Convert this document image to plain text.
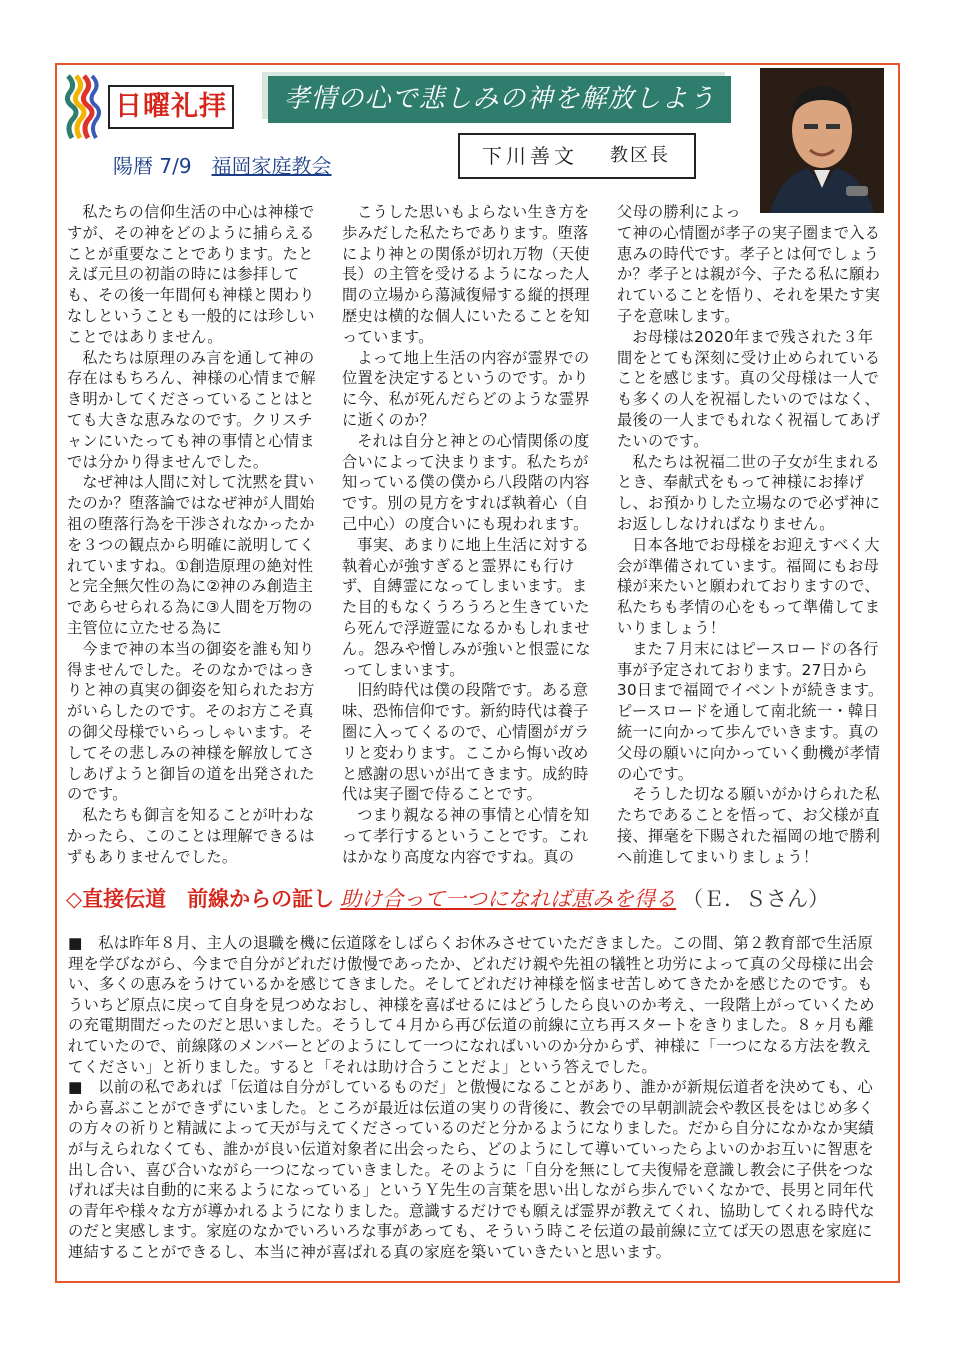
日曜礼拝	孝情の心で悲しみの神を解放しよう
陽暦 7/9　 福岡家庭教会	下川善文 教区長

私たちの信仰生活の中心は神様ですが、その神をどのように捕らえることが重要なことであります。たとえば元旦の初詣の時には参拝しても、その後一年間何も神様と関わりなしということも一般的には珍しいことではありません。

私たちは原理のみ言を通して神の存在はもちろん、神様の心情まで解き明かしてくださっていることはとても大きな恵みなのです。クリスチャンにいたっても神の事情と心情までは分かり得ませんでした。

なぜ神は人間に対して沈黙を貫いたのか？堕落論ではなぜ神が人間始祖の堕落行為を干渉されなかったかを３つの観点から明確に説明してくれていますね。①創造原理の絶対性と完全無欠性の為に②神のみ創造主であらせられる為に③人間を万物の主管位に立たせる為に

今まで神の本当の御姿を誰も知り得ませんでした。そのなかではっきりと神の真実の御姿を知られたお方がいらしたのです。そのお方こそ真の御父母様でいらっしゃいます。そしてその悲しみの神様を解放してさしあげようと御旨の道を出発されたのです。

私たちも御言を知ることが叶わなかったら、このことは理解できるはずもありませんでした。

こうした思いもよらない生き方を歩みだした私たちであります。堕落により神との関係が切れ万物（天使長）の主管を受けるようになった人間の立場から蕩減復帰する縦的摂理歴史は横的な個人にいたることを知っています。

よって地上生活の内容が霊界での位置を決定するというのです。かりに今、私が死んだらどのような霊界に逝くのか？

それは自分と神との心情関係の度合いによって決まります。私たちが知っている僕の僕から八段階の内容です。別の見方をすれば執着心（自己中心）の度合いにも現われます。

事実、あまりに地上生活に対する執着心が強すぎると霊界にも行けず、自縛霊になってしまいます。また目的もなくうろうろと生きていたら死んで浮遊霊になるかもしれません。怨みや憎しみが強いと恨霊になってしまいます。

旧約時代は僕の段階です。ある意味、恐怖信仰です。新約時代は養子圏に入ってくるので、心情圏がガラリと変わります。ここから悔い改めと感謝の思いが出てきます。成約時代は実子圏で侍ることです。

つまり親なる神の事情と心情を知って孝行するということです。これはかなり高度な内容ですね。真の

父母の勝利によっ

て神の心情圏が孝子の実子圏まで入る恵みの時代です。孝子とは何でしょうか？孝子とは親が今、子たる私に願われていることを悟り、それを果たす実子を意味します。

お母様は2020年まで残された３年間をとても深刻に受け止められていることを感じます。真の父母様は一人でも多くの人を祝福したいのではなく、最後の一人までもれなく祝福してあげたいのです。

私たちは祝福二世の子女が生まれるとき、奉献式をもって神様にお捧げし、お預かりした立場なので必ず神にお返ししなければなりません。

日本各地でお母様をお迎えすべく大会が準備されています。福岡にもお母様が来たいと願われておりますので、私たちも孝情の心をもって準備してまいりましょう！

また７月末にはピースロードの各行事が予定されております。27日から30日まで福岡でイベントが続きます。ピースロードを通して南北統一・韓日統一に向かって歩んでいきます。真の父母の願いに向かっていく動機が孝情の心です。

そうした切なる願いがかけられた私たちであることを悟って、お父様が直接、揮毫を下賜された福岡の地で勝利へ前進してまいりましょう！

◇直接伝道　前線からの証し 助け合って一つになれば恵みを得る （Ｅ．Ｓさん）

■　私は昨年８月、主人の退職を機に伝道隊をしばらくお休みさせていただきました。この間、第２教育部で生活原理を学びながら、今まで自分がどれだけ傲慢であったか、どれだけ親や先祖の犠牲と功労によって真の父母様に出会い、多くの恵みをうけているかを感じてきました。そしてどれだけ神様を悩ませ苦しめてきたかを感じたのです。もういちど原点に戻って自身を見つめなおし、神様を喜ばせるにはどうしたら良いのか考え、一段階上がっていくための充電期間だったのだと思いました。そうして４月から再び伝道の前線に立ち再スタートをきりました。８ヶ月も離れていたので、前線隊のメンバーとどのようにして一つになればいいのか分からず、神様に「一つになる方法を教えてください」と祈りました。すると「それは助け合うことだよ」という答えでした。

■　以前の私であれば「伝道は自分がしているものだ」と傲慢になることがあり、誰かが新規伝道者を決めても、心から喜ぶことができずにいました。ところが最近は伝道の実りの背後に、教会での早朝訓読会や教区長をはじめ多くの方々の祈りと精誠によって天が与えてくださっているのだと分かるようになりました。だから自分になかなか実績が与えられなくても、誰かが良い伝道対象者に出会ったら、どのようにして導いていったらよいのかお互いに智恵を出し合い、喜び合いながら一つになっていきました。そのように「自分を無にして夫復帰を意識し教会に子供をつなげれば夫は自動的に来るようになっている」というＹ先生の言葉を思い出しながら歩んでいくなかで、長男と同年代の青年や様々な方が導かれるようになりました。意識するだけでも願えば霊界が教えてくれ、協助してくれる時代なのだと実感します。家庭のなかでいろいろな事があっても、そういう時こそ伝道の最前線に立てば天の恩恵を家庭に連結することができるし、本当に神が喜ばれる真の家庭を築いていきたいと思います。
